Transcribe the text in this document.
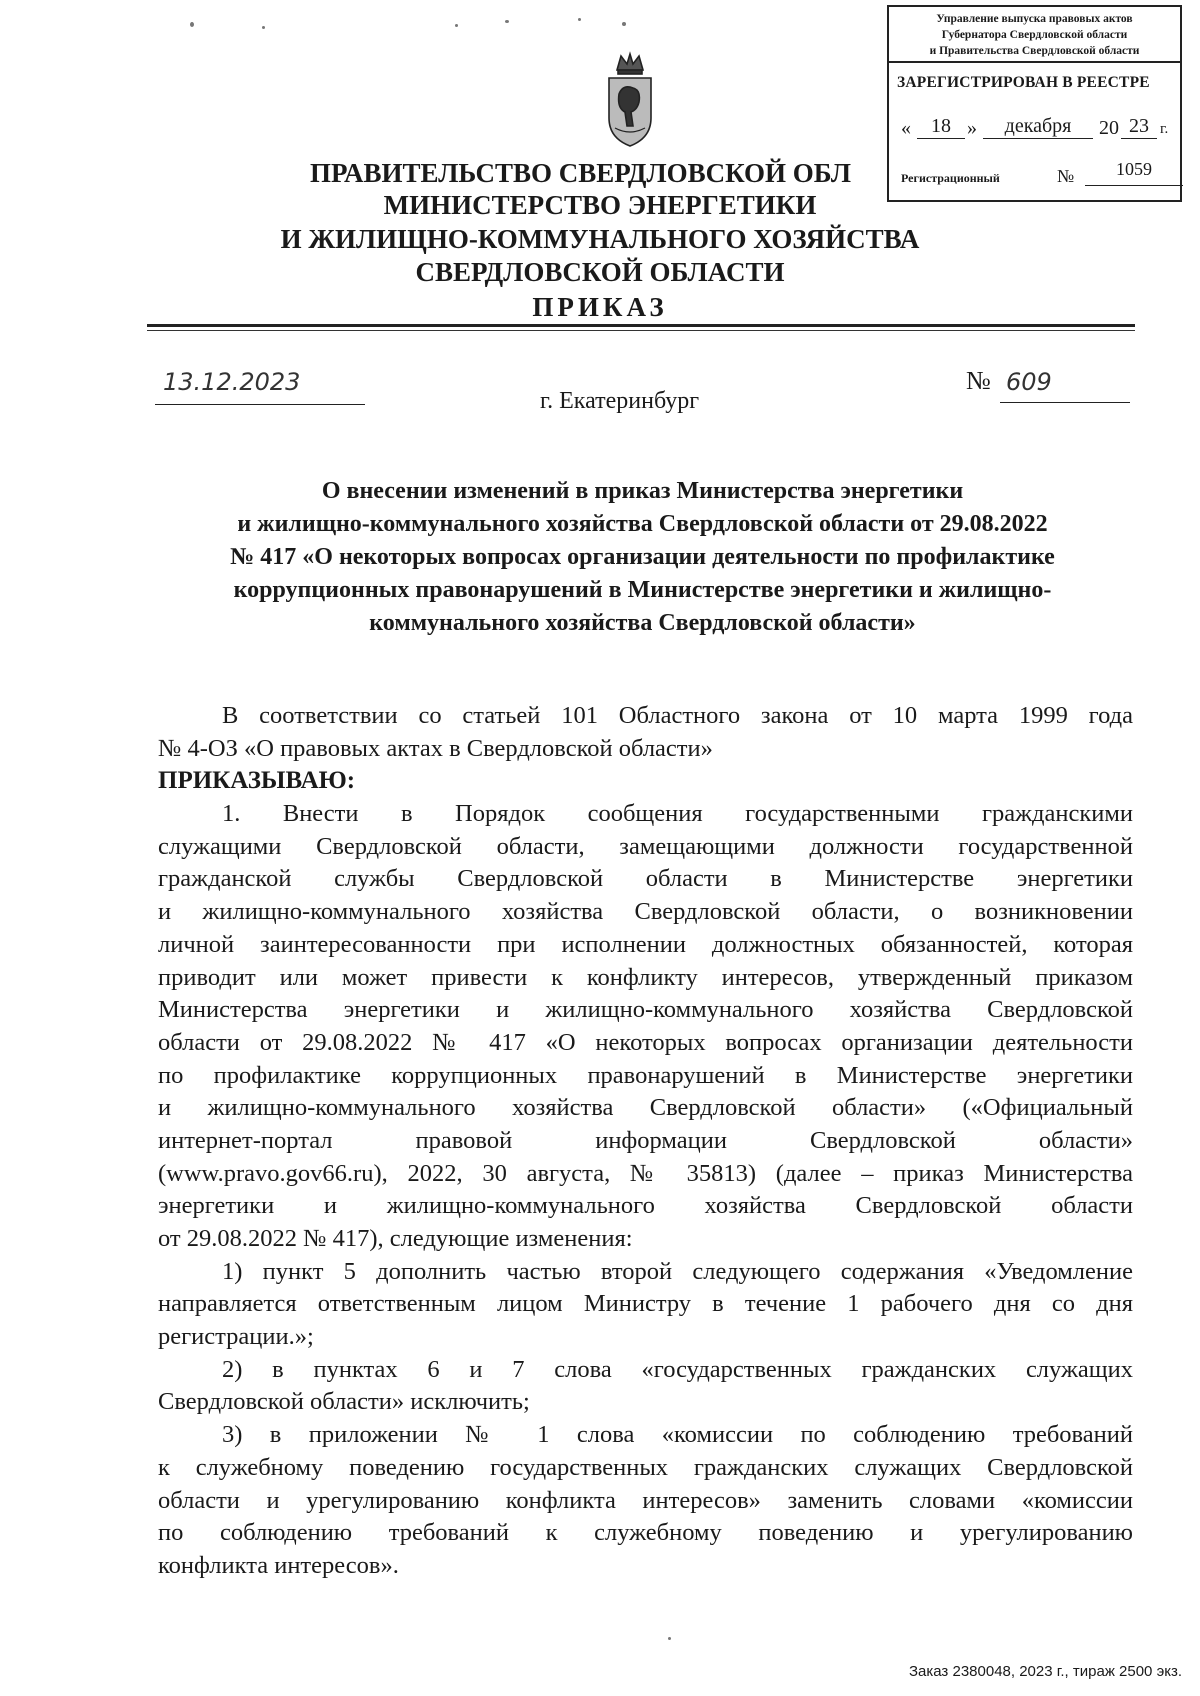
Управление выпуска правовых актов
Губернатора Свердловской области
и Правительства Свердловской области
ЗАРЕГИСТРИРОВАН В РЕЕСТРЕ
«	18 »	декабря	20 23 г.
Регистрационный	№	1059
ПРАВИТЕЛЬСТВО СВЕРДЛОВСКОЙ ОБЛ
МИНИСТЕРСТВО ЭНЕРГЕТИКИ
И ЖИЛИЩНО-КОММУНАЛЬНОГО ХОЗЯЙСТВА
СВЕРДЛОВСКОЙ ОБЛАСТИ
ПРИКАЗ
13.12.2023
г. Екатеринбург
№ 609
О внесении изменений в приказ Министерства энергетики
и жилищно-коммунального хозяйства Свердловской области от 29.08.2022
№ 417 «О некоторых вопросах организации деятельности по профилактике
коррупционных правонарушений в Министерстве энергетики и жилищно-
коммунального хозяйства Свердловской области»
В соответствии со статьей 101 Областного закона от 10 марта 1999 года
№ 4-ОЗ «О правовых актах в Свердловской области»
ПРИКАЗЫВАЮ:
1. Внести в Порядок сообщения государственными гражданскими
служащими Свердловской области, замещающими должности государственной
гражданской службы Свердловской области в Министерстве энергетики
и жилищно-коммунального хозяйства Свердловской области, о возникновении
личной заинтересованности при исполнении должностных обязанностей, которая
приводит или может привести к конфликту интересов, утвержденный приказом
Министерства энергетики и жилищно-коммунального хозяйства Свердловской
области от 29.08.2022 № 417 «О некоторых вопросах организации деятельности
по профилактике коррупционных правонарушений в Министерстве энергетики
и жилищно-коммунального хозяйства Свердловской области» («Официальный
интернет-портал правовой информации Свердловской области»
(www.pravo.gov66.ru), 2022, 30 августа, № 35813) (далее – приказ Министерства
энергетики и жилищно-коммунального хозяйства Свердловской области
от 29.08.2022 № 417), следующие изменения:
1) пункт 5 дополнить частью второй следующего содержания «Уведомление
направляется ответственным лицом Министру в течение 1 рабочего дня со дня
регистрации.»;
2) в пунктах 6 и 7 слова «государственных гражданских служащих
Свердловской области» исключить;
3) в приложении № 1 слова «комиссии по соблюдению требований
к служебному поведению государственных гражданских служащих Свердловской
области и урегулированию конфликта интересов» заменить словами «комиссии
по соблюдению требований к служебному поведению и урегулированию
конфликта интересов».
Заказ 2380048, 2023 г., тираж 2500 экз.
